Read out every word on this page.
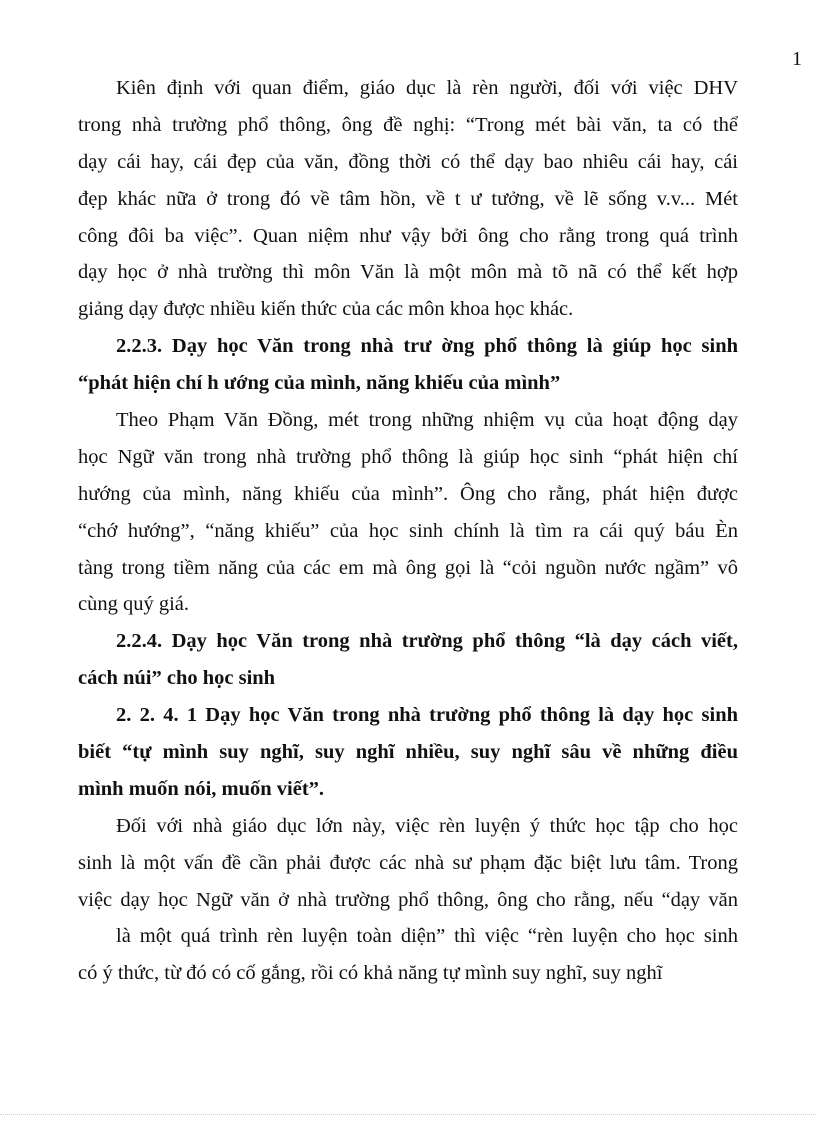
1
Kiên định với quan điểm, giáo dục là rèn người, đối với việc DHV
trong nhà trường phổ thông, ông đề nghị: “Trong mét bài văn, ta có thể
dạy cái hay, cái đẹp của văn, đồng thời có thể dạy bao nhiêu cái hay, cái
đẹp khác nữa ở trong đó về tâm hồn, về t ư tưởng, về lẽ sống v.v... Mét
công đôi ba việc”. Quan niệm như vậy bởi ông cho rằng trong quá trình
dạy học ở nhà trường thì môn Văn là một môn mà tõ nã có thể kết hợp
giảng dạy được nhiều kiến thức của các môn khoa học khác.
2.2.3. Dạy học Văn trong nhà trư ờng phổ thông là giúp học sinh
“phát hiện chí h ướng của mình, năng khiếu của mình”
Theo Phạm Văn Đồng, mét trong những nhiệm vụ của hoạt động dạy
học Ngữ văn trong nhà trường phổ thông là giúp học sinh “phát hiện chí
hướng của mình, năng khiếu của mình”. Ông cho rằng, phát hiện được
“chớ hướng”, “năng khiếu” của học sinh chính là tìm ra cái quý báu Èn
tàng trong tiềm năng của các em mà ông gọi là “cỏi nguồn nước ngầm” vô
cùng quý giá.
2.2.4. Dạy học Văn trong nhà trường phổ thông “là dạy cách viết,
cách núi” cho học sinh
2. 2. 4. 1 Dạy học Văn trong nhà trường phổ thông là dạy học sinh
biết “tự mình suy nghĩ, suy nghĩ nhiều, suy nghĩ sâu về những điều
mình muốn nói, muốn viết”.
Đối với nhà giáo dục lớn này, việc rèn luyện ý thức học tập cho học
sinh là một vấn đề cần phải được các nhà sư phạm đặc biệt lưu tâm. Trong
việc dạy học Ngữ văn ở nhà trường phổ thông, ông cho rằng, nếu “dạy văn
là một quá trình rèn luyện toàn diện” thì việc “rèn luyện cho học sinh
có ý thức, từ đó có cố gắng, rồi có khả năng tự mình suy nghĩ, suy nghĩ
